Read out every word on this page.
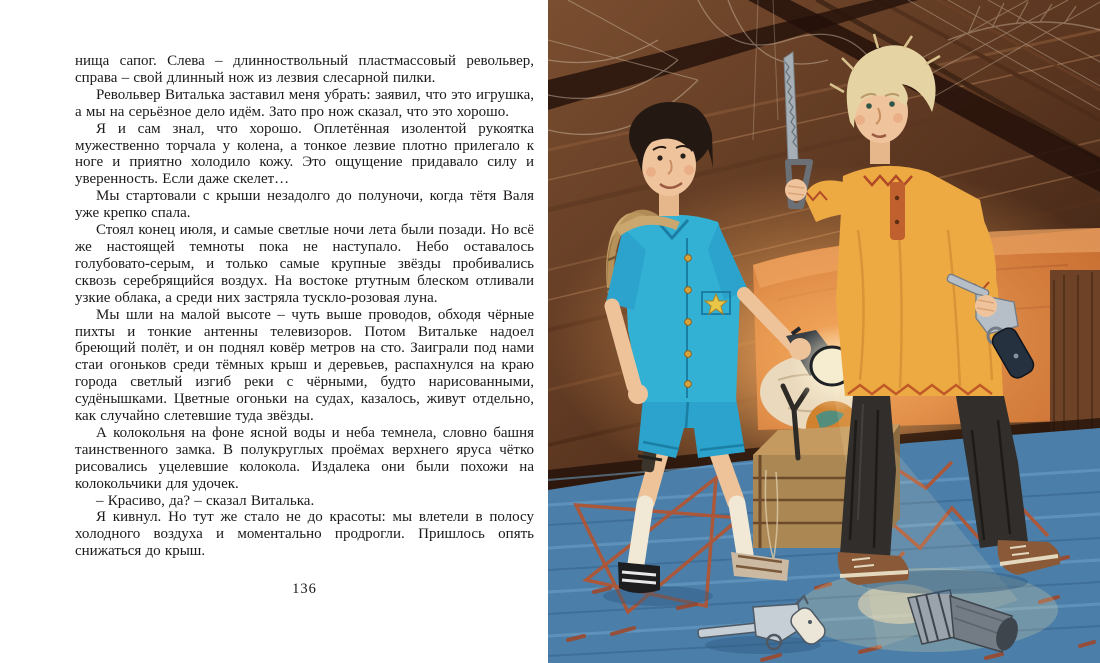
нища сапог. Слева – длинноствольный пластмассовый револьвер, справа – свой длинный нож из лезвия слесарной пилки.

Револьвер Виталька заставил меня убрать: заявил, что это игрушка, а мы на серьёзное дело идём. Зато про нож сказал, что это хорошо.

Я и сам знал, что хорошо. Оплетённая изолентой рукоятка мужественно торчала у колена, а тонкое лезвие плотно прилегало к ноге и приятно холодило кожу. Это ощущение придавало силу и уверенность. Если даже скелет…

Мы стартовали с крыши незадолго до полуночи, когда тётя Валя уже крепко спала.

Стоял конец июля, и самые светлые ночи лета были позади. Но всё же настоящей темноты пока не наступало. Небо оставалось голубовато-серым, и только самые крупные звёзды пробивались сквозь серебрящийся воздух. На востоке ртутным блеском отливали узкие облака, а среди них застряла тускло-розовая луна.

Мы шли на малой высоте – чуть выше проводов, обходя чёрные пихты и тонкие антенны телевизоров. Потом Витальке надоел бреющий полёт, и он поднял ковёр метров на сто. Заиграли под нами стаи огоньков среди тёмных крыш и деревьев, распахнулся на краю города светлый изгиб реки с чёрными, будто нарисованными, судёнышками. Цветные огоньки на судах, казалось, живут отдельно, как случайно слетевшие туда звёзды.

А колокольня на фоне ясной воды и неба темнела, словно башня таинственного замка. В полукруглых проёмах верхнего яруса чётко рисовались уцелевшие колокола. Издалека они были похожи на колокольчики для удочек.

– Красиво, да? – сказал Виталька.

Я кивнул. Но тут же стало не до красоты: мы влетели в полосу холодного воздуха и моментально продрогли. Пришлось опять снижаться до крыш.

136
